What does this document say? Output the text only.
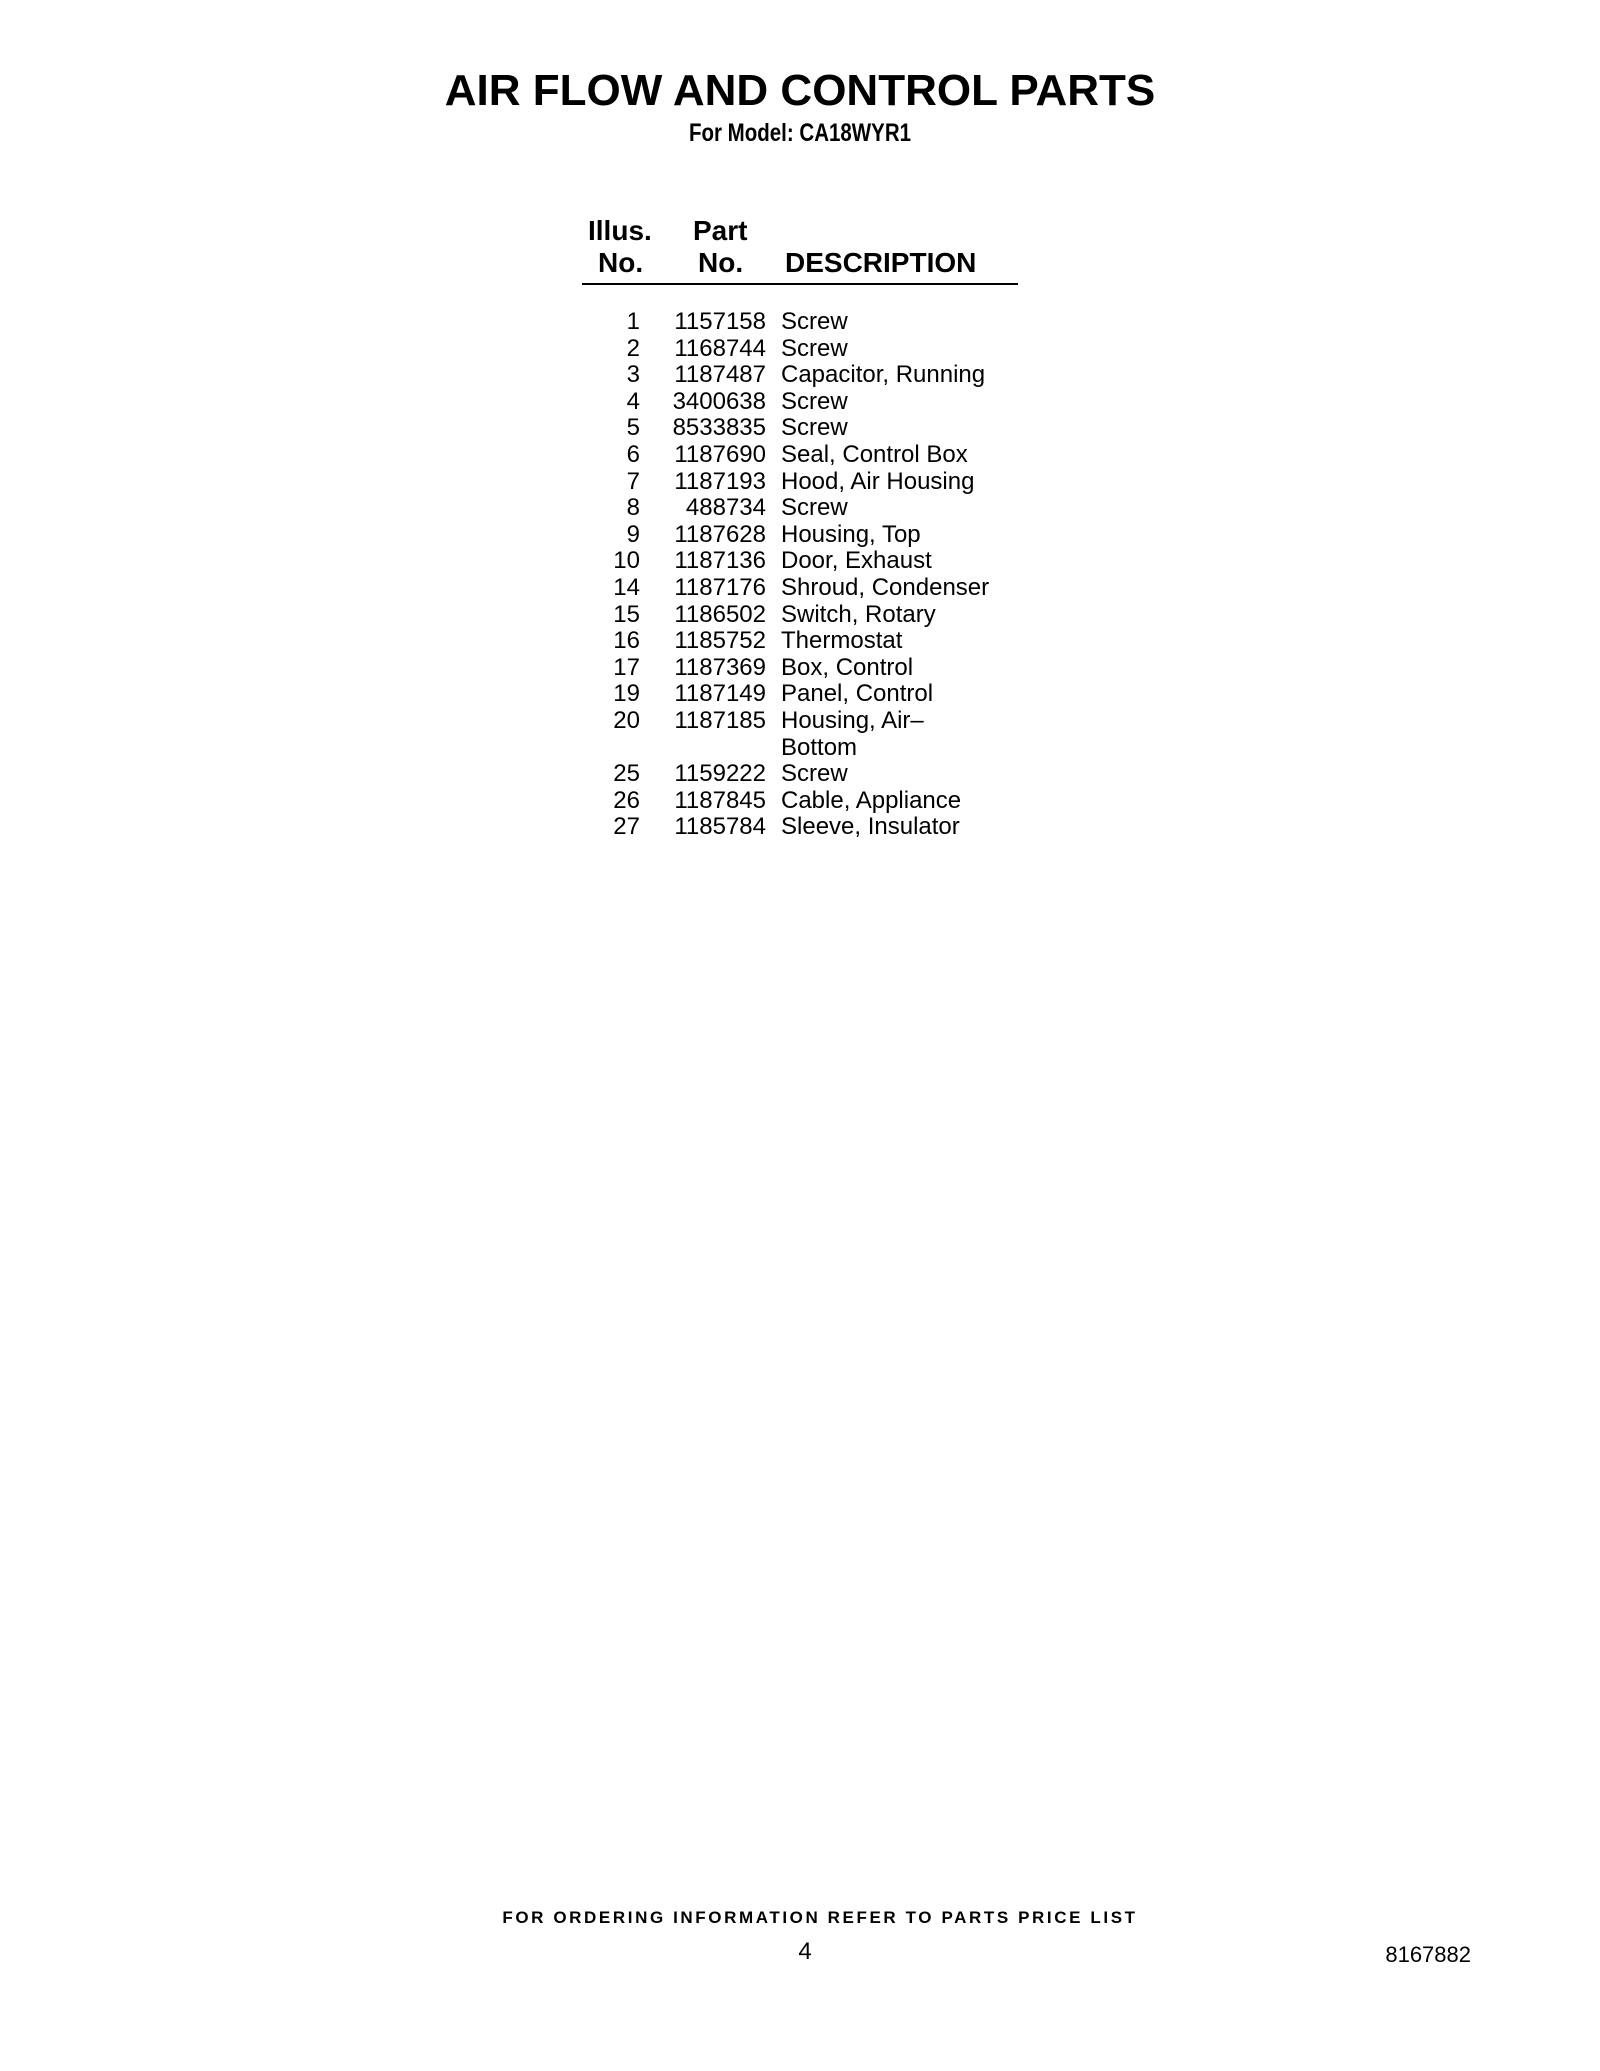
AIR FLOW AND CONTROL PARTS
For Model: CA18WYR1
Illus.
No.
Part
No. DESCRIPTION
1 1157158 Screw
2 1168744 Screw
3 1187487 Capacitor, Running
4 3400638 Screw
5 8533835 Screw
6 1187690 Seal, Control Box
7 1187193 Hood, Air Housing
8 488734 Screw
9 1187628 Housing, Top
10 1187136 Door, Exhaust
14 1187176 Shroud, Condenser
15 1186502 Switch, Rotary
16 1185752 Thermostat
17 1187369 Box, Control
19 1187149 Panel, Control
20 1187185 Housing, Air– Bottom
25 1159222 Screw
26 1187845 Cable, Appliance
27 1185784 Sleeve, Insulator
FOR ORDERING INFORMATION REFER TO PARTS PRICE LIST
4	8167882
